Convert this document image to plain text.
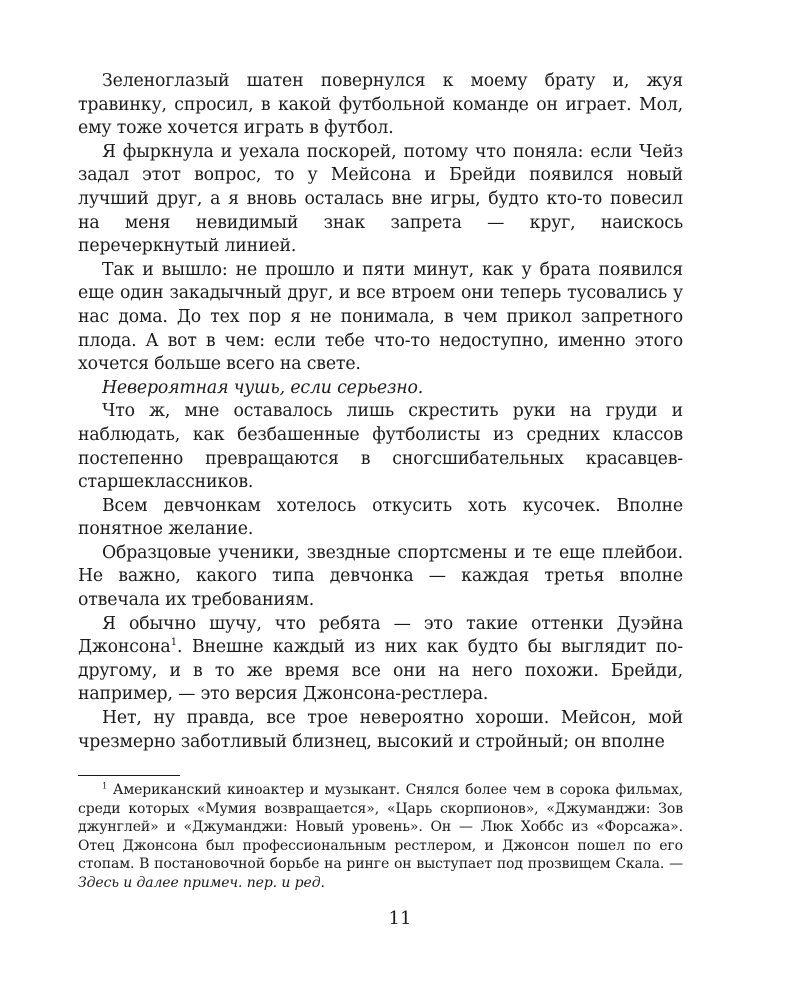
Зеленоглазый шатен повернулся к моему брату и, жуя травинку, спросил, в какой футбольной команде он играет. Мол, ему тоже хочется играть в футбол.

Я фыркнула и уехала поскорей, потому что поняла: если Чейз задал этот вопрос, то у Мейсона и Брейди появился новый лучший друг, а я вновь осталась вне игры, будто кто-то повесил на меня невидимый знак запрета — круг, наискось перечеркнутый линией.

Так и вышло: не прошло и пяти минут, как у брата появился еще один закадычный друг, и все втроем они теперь тусовались у нас дома. До тех пор я не понимала, в чем прикол запретного плода. А вот в чем: если тебе что-то недоступно, именно этого хочется больше всего на свете.

Невероятная чушь, если серьезно.

Что ж, мне оставалось лишь скрестить руки на груди и наблюдать, как безбашенные футболисты из средних классов постепенно превращаются в сногсшибательных красавцев-старшеклассников.

Всем девчонкам хотелось откусить хоть кусочек. Вполне понятное желание.

Образцовые ученики, звездные спортсмены и те еще плейбои. Не важно, какого типа девчонка — каждая третья вполне отвечала их требованиям.

Я обычно шучу, что ребята — это такие оттенки Дуэйна Джонсона$^1$. Внешне каждый из них как будто бы выглядит по-другому, и в то же время все они на него похожи. Брейди, например, — это версия Джонсона-рестлера.

Нет, ну правда, все трое невероятно хороши. Мейсон, мой чрезмерно заботливый близнец, высокий и стройный; он вполне

$^1$ Американский киноактер и музыкант. Снялся более чем в сорока фильмах, среди которых «Мумия возвращается», «Царь скорпионов», «Джуманджи: Зов джунглей» и «Джуманджи: Новый уровень». Он — Люк Хоббс из «Форсажа». Отец Джонсона был профессиональным рестлером, и Джонсон пошел по его стопам. В постановочной борьбе на ринге он выступает под прозвищем Скала. — Здесь и далее примеч. пер. и ред.

11
